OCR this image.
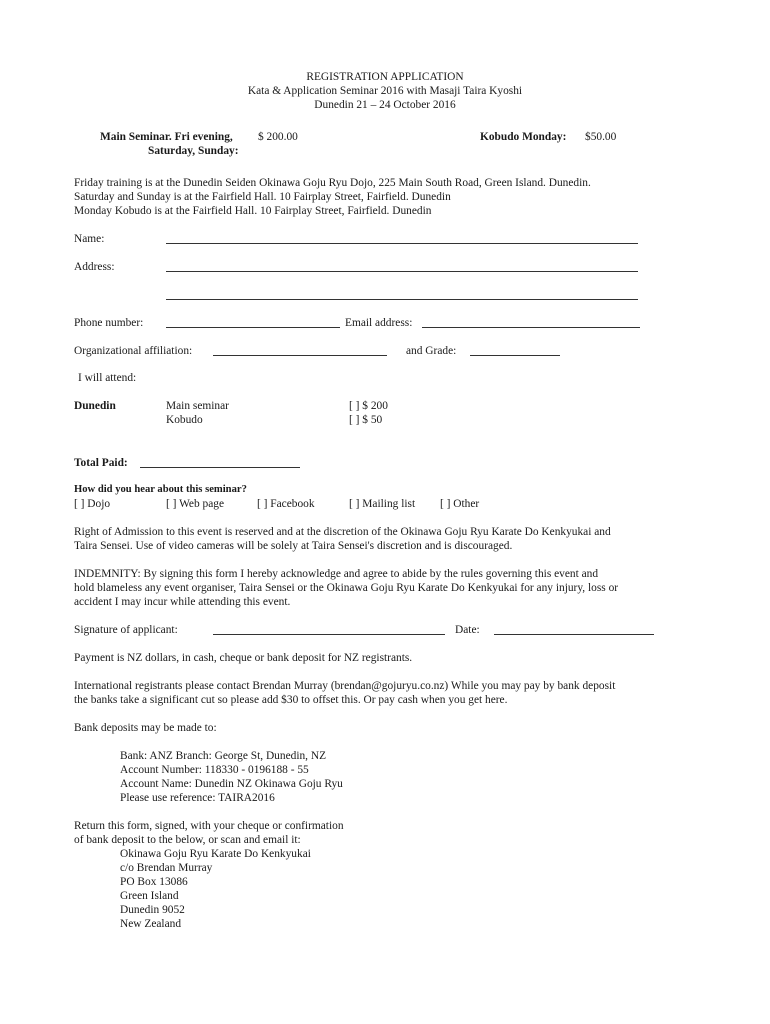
REGISTRATION APPLICATION
Kata & Application Seminar 2016 with Masaji Taira Kyoshi
Dunedin 21 – 24 October 2016
Main Seminar. Fri evening, $ 200.00
Saturday, Sunday:
Kobudo Monday: $50.00
Friday training is at the Dunedin Seiden Okinawa Goju Ryu Dojo, 225 Main South Road, Green Island. Dunedin.
Saturday and Sunday is at the Fairfield Hall. 10 Fairplay Street, Fairfield. Dunedin
Monday Kobudo is at the Fairfield Hall. 10 Fairplay Street, Fairfield. Dunedin
Name:
Address:
Phone number:	Email address:
Organizational affiliation:	and Grade:
I will attend:
Dunedin	Main seminar	[ ] $ 200
Kobudo	[ ] $ 50
Total Paid:
How did you hear about this seminar?
[ ] Dojo	[ ] Web page	[ ] Facebook	[ ] Mailing list [ ] Other
Right of Admission to this event is reserved and at the discretion of the Okinawa Goju Ryu Karate Do Kenkyukai and
Taira Sensei. Use of video cameras will be solely at Taira Sensei's discretion and is discouraged.
INDEMNITY: By signing this form I hereby acknowledge and agree to abide by the rules governing this event and
hold blameless any event organiser, Taira Sensei or the Okinawa Goju Ryu Karate Do Kenkyukai for any injury, loss or
accident I may incur while attending this event.
Signature of applicant:	Date:
Payment is NZ dollars, in cash, cheque or bank deposit for NZ registrants.
International registrants please contact Brendan Murray (brendan@gojuryu.co.nz) While you may pay by bank deposit
the banks take a significant cut so please add $30 to offset this. Or pay cash when you get here.
Bank deposits may be made to:
Bank: ANZ Branch: George St, Dunedin, NZ
Account Number: 118330 - 0196188 - 55
Account Name: Dunedin NZ Okinawa Goju Ryu
Please use reference: TAIRA2016
Return this form, signed, with your cheque or confirmation
of bank deposit to the below, or scan and email it:
Okinawa Goju Ryu Karate Do Kenkyukai
c/o Brendan Murray
PO Box 13086
Green Island
Dunedin 9052
New Zealand
